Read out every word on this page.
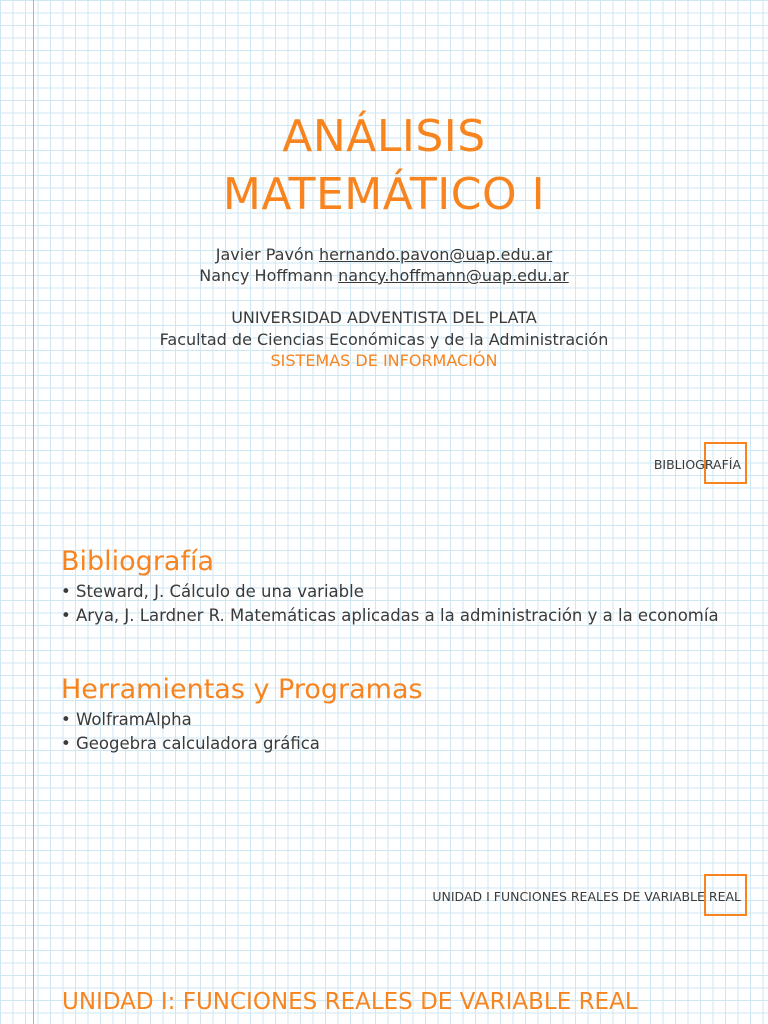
ANÁLISIS
MATEMÁTICO I
Javier Pavón hernando.pavon@uap.edu.ar
Nancy Hoffmann nancy.hoffmann@uap.edu.ar
UNIVERSIDAD ADVENTISTA DEL PLATA
Facultad de Ciencias Económicas y de la Administración
SISTEMAS DE INFORMACIÓN
BIBLIOGRAFÍA
Bibliografía
• Steward, J. Cálculo de una variable
• Arya, J. Lardner R. Matemáticas aplicadas a la administración y a la economía
Herramientas y Programas
• WolframAlpha
• Geogebra calculadora gráfica
UNIDAD I FUNCIONES REALES DE VARIABLE REAL
UNIDAD I: FUNCIONES REALES DE VARIABLE REAL
